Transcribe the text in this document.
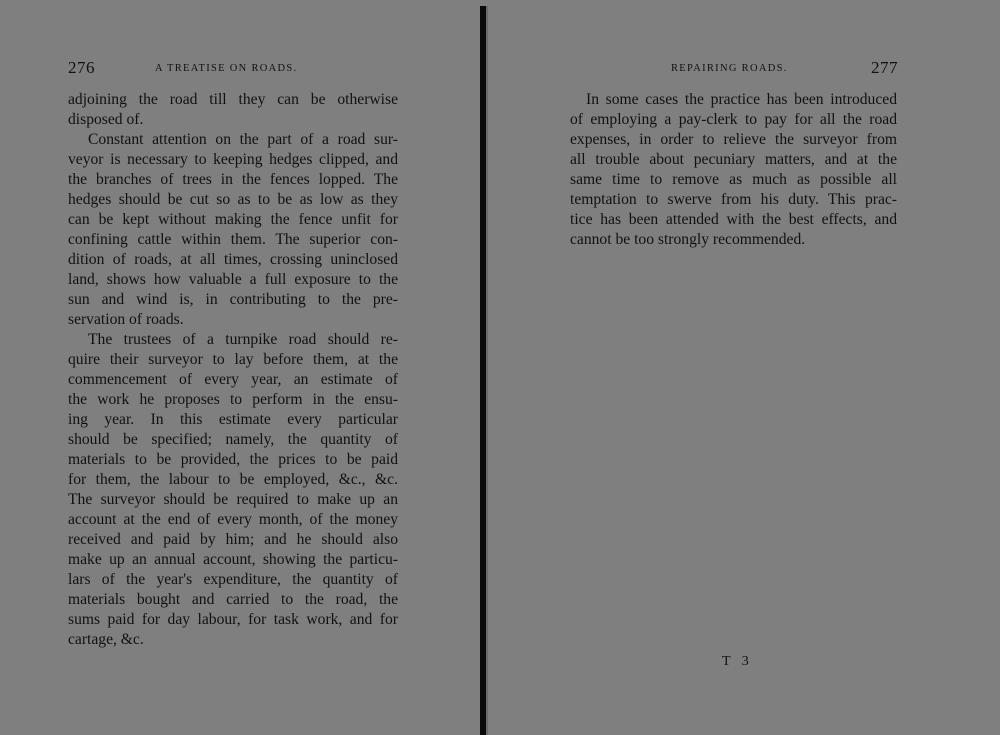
276	A TREATISE ON ROADS.
adjoining the road till they can be otherwise
disposed of.
Constant attention on the part of a road sur-
veyor is necessary to keeping hedges clipped, and
the branches of trees in the fences lopped. The
hedges should be cut so as to be as low as they
can be kept without making the fence unfit for
confining cattle within them. The superior con-
dition of roads, at all times, crossing uninclosed
land, shows how valuable a full exposure to the
sun and wind is, in contributing to the pre-
servation of roads.
The trustees of a turnpike road should re-
quire their surveyor to lay before them, at the
commencement of every year, an estimate of
the work he proposes to perform in the ensu-
ing year. In this estimate every particular
should be specified; namely, the quantity of
materials to be provided, the prices to be paid
for them, the labour to be employed, &c., &c.
The surveyor should be required to make up an
account at the end of every month, of the money
received and paid by him; and he should also
make up an annual account, showing the particu-
lars of the year's expenditure, the quantity of
materials bought and carried to the road, the
sums paid for day labour, for task work, and for
cartage, &c.
REPAIRING ROADS.	277
In some cases the practice has been introduced
of employing a pay-clerk to pay for all the road
expenses, in order to relieve the surveyor from
all trouble about pecuniary matters, and at the
same time to remove as much as possible all
temptation to swerve from his duty. This prac-
tice has been attended with the best effects, and
cannot be too strongly recommended.
T 3
